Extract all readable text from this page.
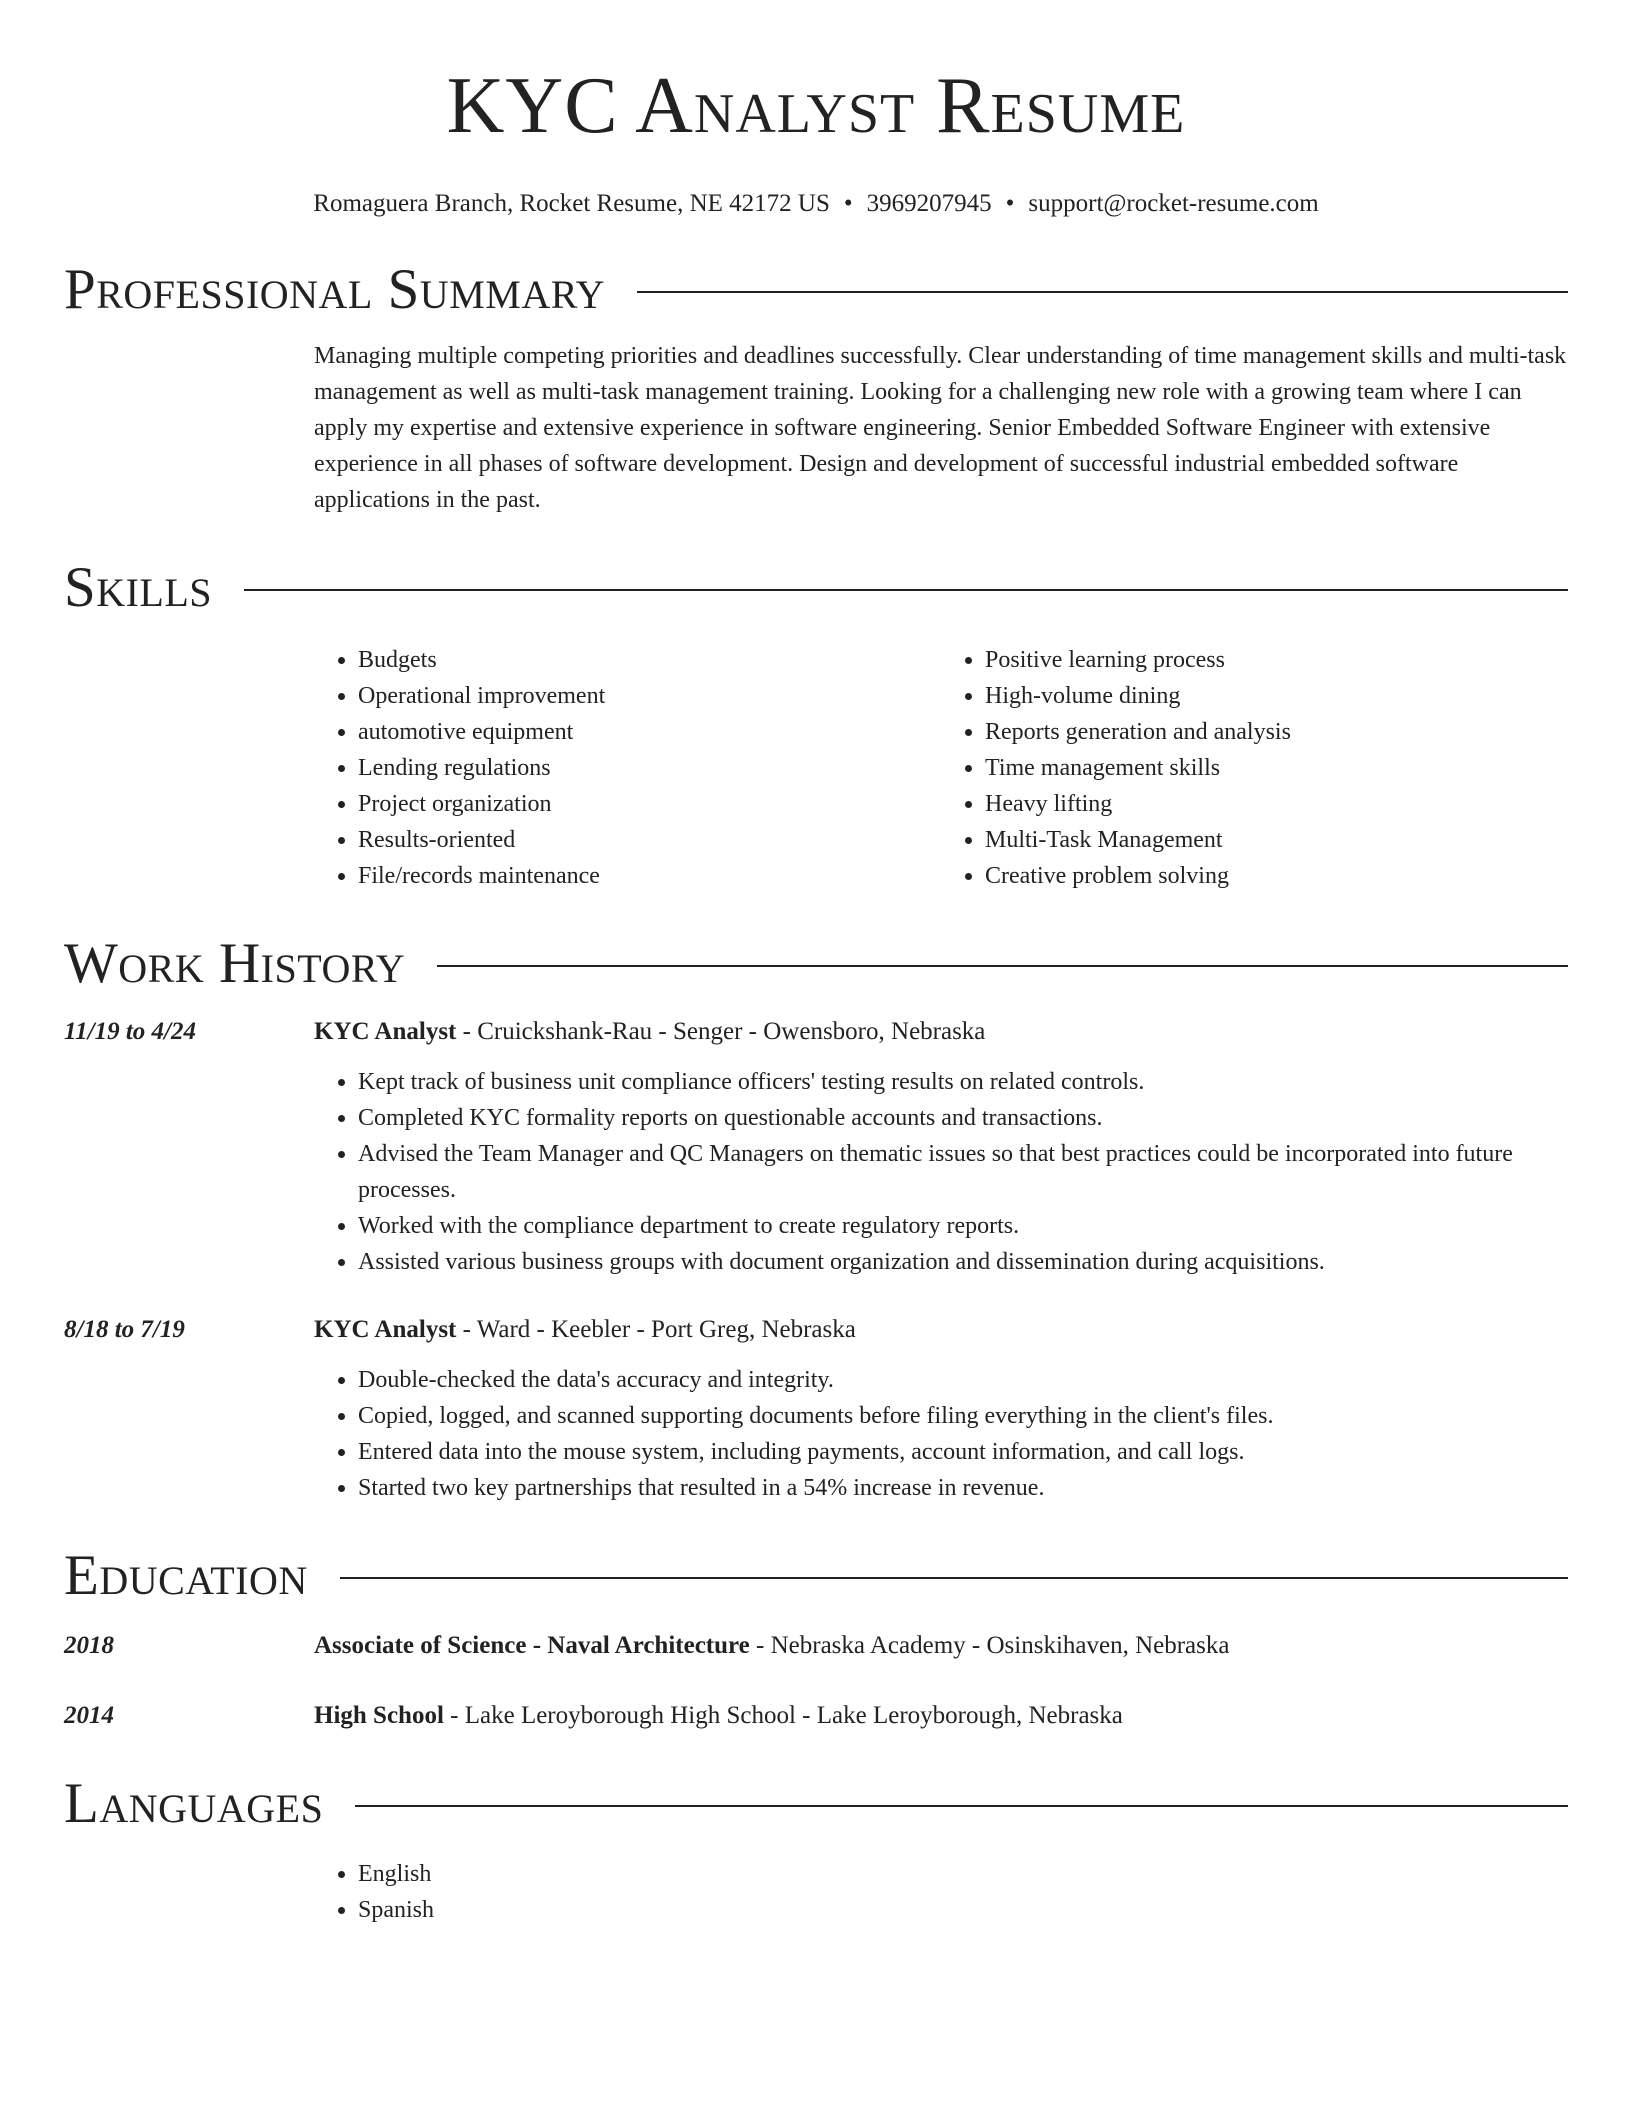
KYC Analyst Resume
Romaguera Branch, Rocket Resume, NE 42172 US • 3969207945 • support@rocket-resume.com
Professional Summary
Managing multiple competing priorities and deadlines successfully. Clear understanding of time management skills and multi-task management as well as multi-task management training. Looking for a challenging new role with a growing team where I can apply my expertise and extensive experience in software engineering. Senior Embedded Software Engineer with extensive experience in all phases of software development. Design and development of successful industrial embedded software applications in the past.
Skills
• Budgets
• Operational improvement
• automotive equipment
• Lending regulations
• Project organization
• Results-oriented
• File/records maintenance
• Positive learning process
• High-volume dining
• Reports generation and analysis
• Time management skills
• Heavy lifting
• Multi-Task Management
• Creative problem solving
Work History
11/19 to 4/24	KYC Analyst - Cruickshank-Rau - Senger - Owensboro, Nebraska
• Kept track of business unit compliance officers' testing results on related controls.
• Completed KYC formality reports on questionable accounts and transactions.
• Advised the Team Manager and QC Managers on thematic issues so that best practices could be incorporated into future processes.
• Worked with the compliance department to create regulatory reports.
• Assisted various business groups with document organization and dissemination during acquisitions.
8/18 to 7/19	KYC Analyst - Ward - Keebler - Port Greg, Nebraska
• Double-checked the data's accuracy and integrity.
• Copied, logged, and scanned supporting documents before filing everything in the client's files.
• Entered data into the mouse system, including payments, account information, and call logs.
• Started two key partnerships that resulted in a 54% increase in revenue.
Education
2018	Associate of Science - Naval Architecture - Nebraska Academy - Osinskihaven, Nebraska
2014	High School - Lake Leroyborough High School - Lake Leroyborough, Nebraska
Languages
• English
• Spanish
